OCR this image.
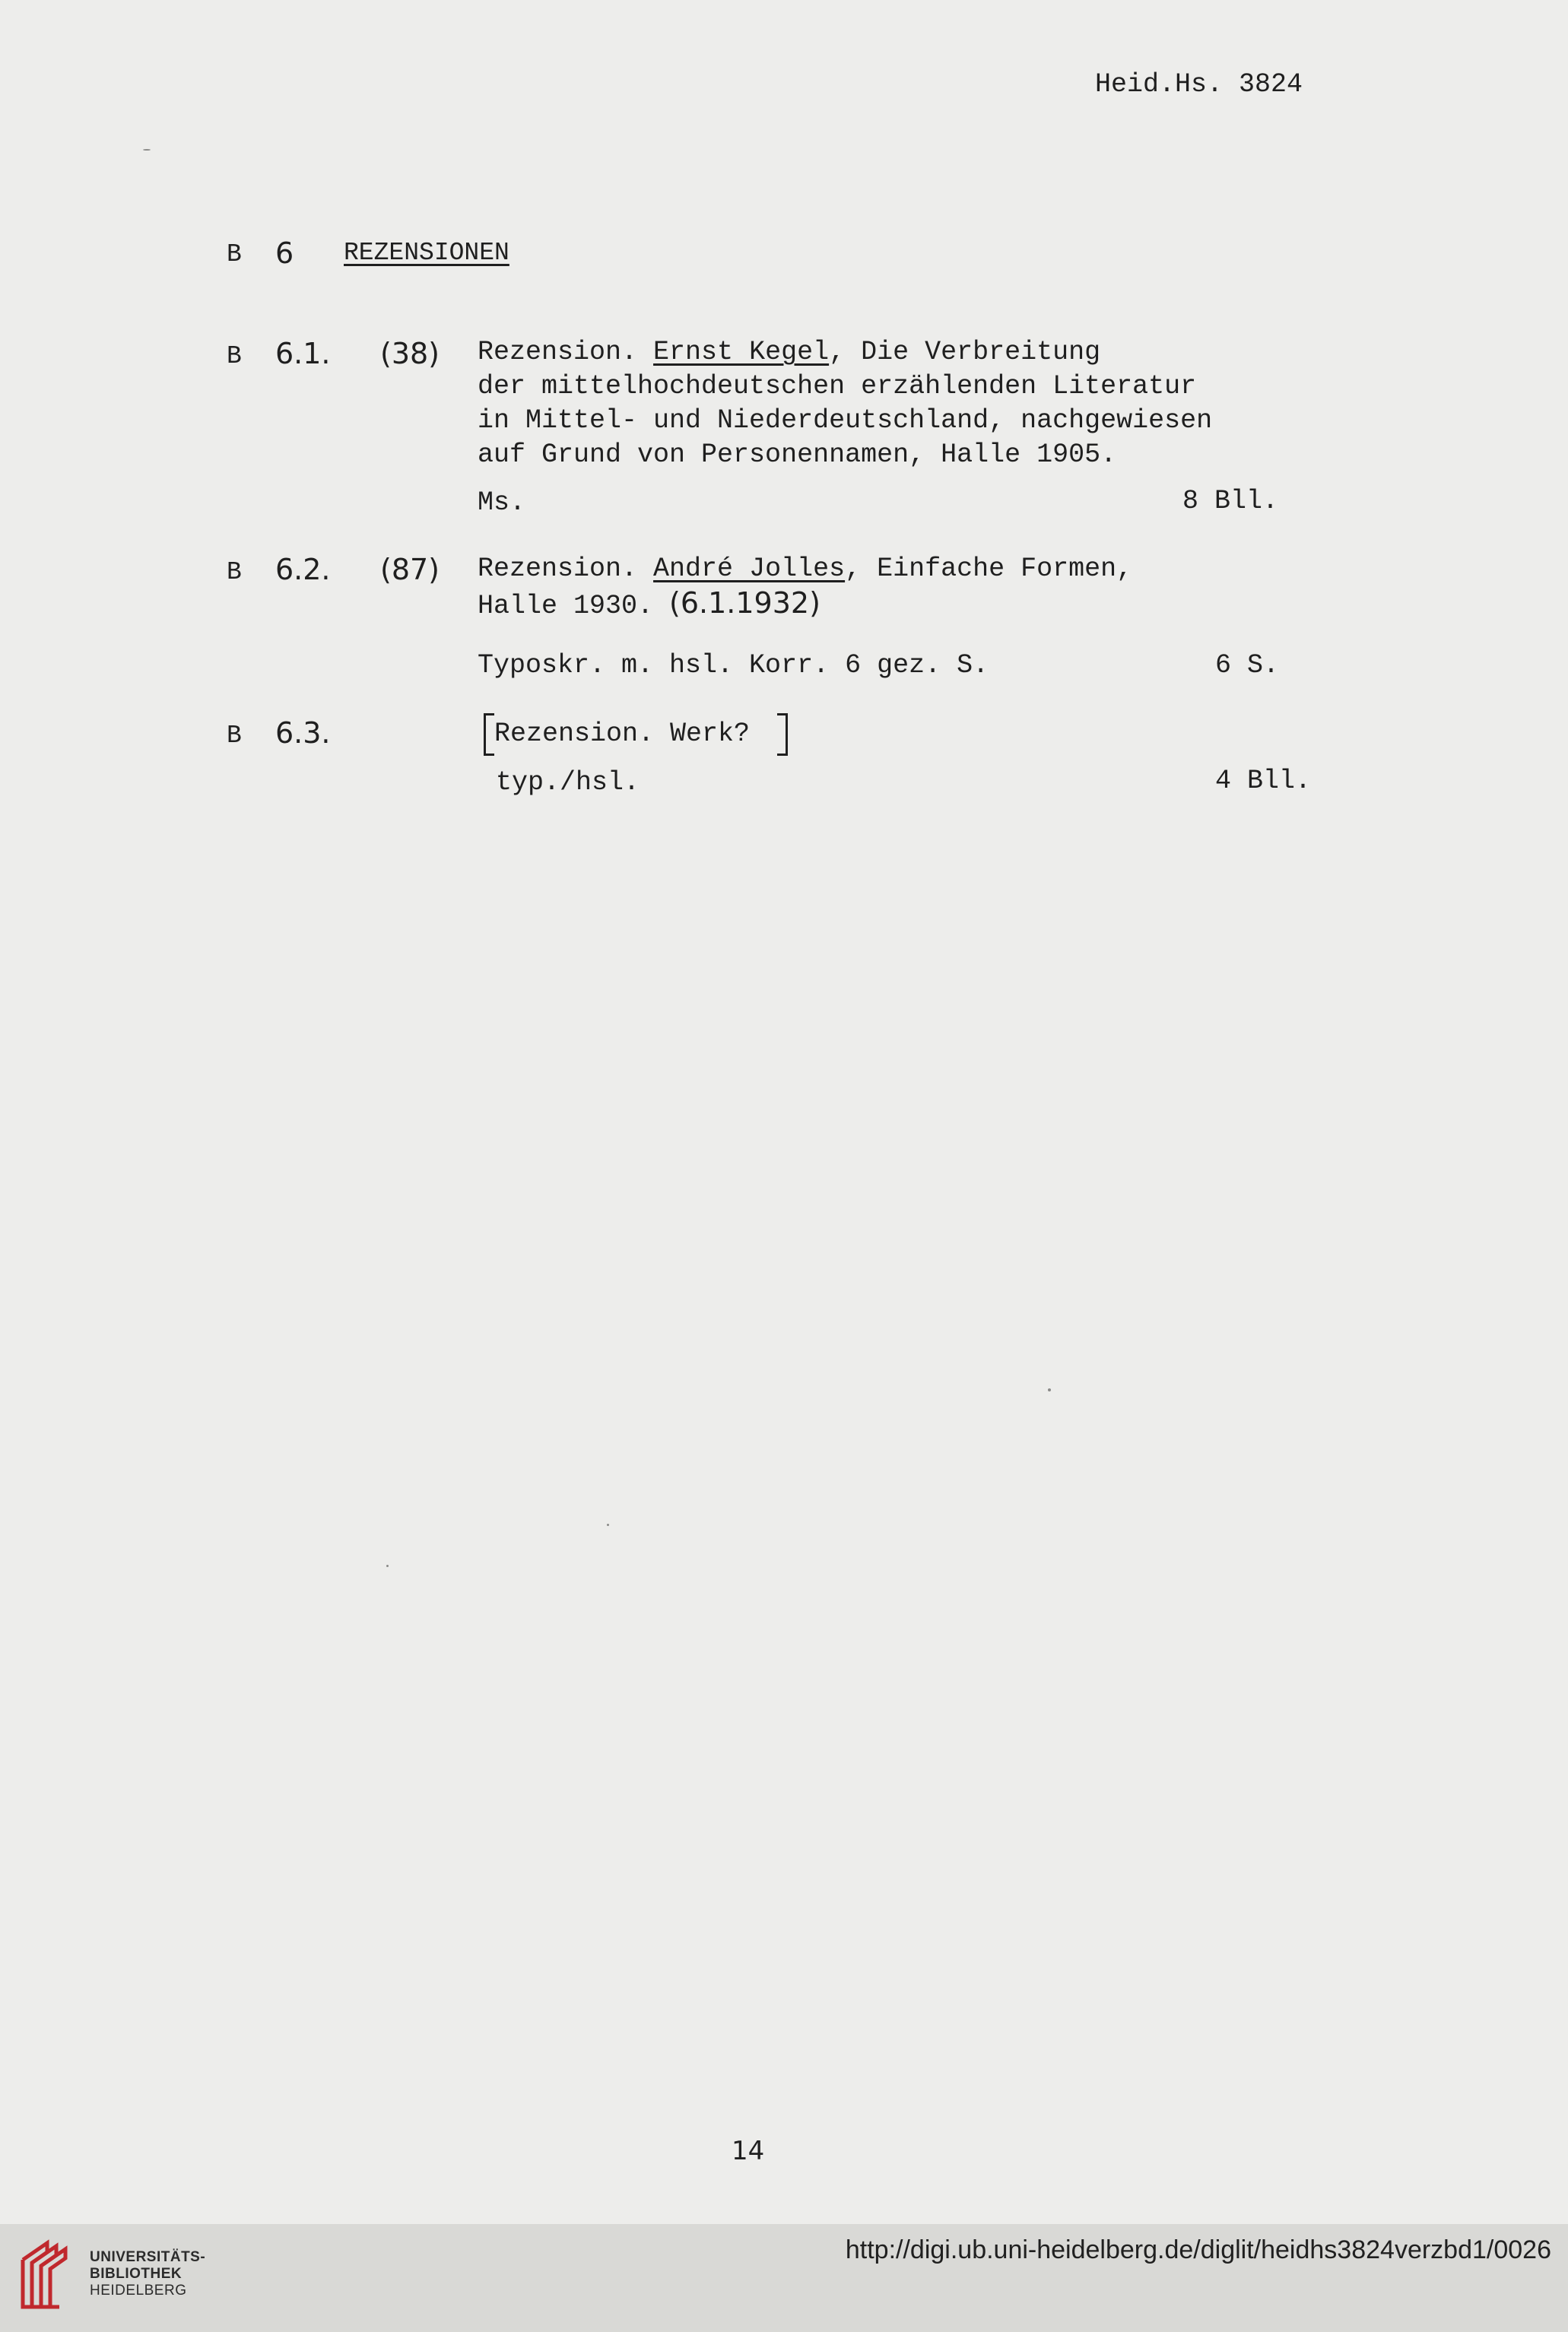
Heid.Hs. 3824
B 6 REZENSIONEN
B 6.1. (38) Rezension. Ernst Kegel, Die Verbreitung
der mittelhochdeutschen erzählenden Literatur
in Mittel- und Niederdeutschland, nachgewiesen
auf Grund von Personennamen, Halle 1905.
Ms.	8 Bll.
B 6.2. (87) Rezension. André Jolles, Einfache Formen,
Halle 1930. (6.1.1932)
Typoskr. m. hsl. Korr. 6 gez. S.	6 S.
B 6.3.	Rezension. Werk?
typ./hsl.	4 Bll.
14
UNIVERSITÄTS-
BIBLIOTHEK
HEIDELBERG
http://digi.ub.uni-heidelberg.de/diglit/heidhs3824verzbd1/0026
